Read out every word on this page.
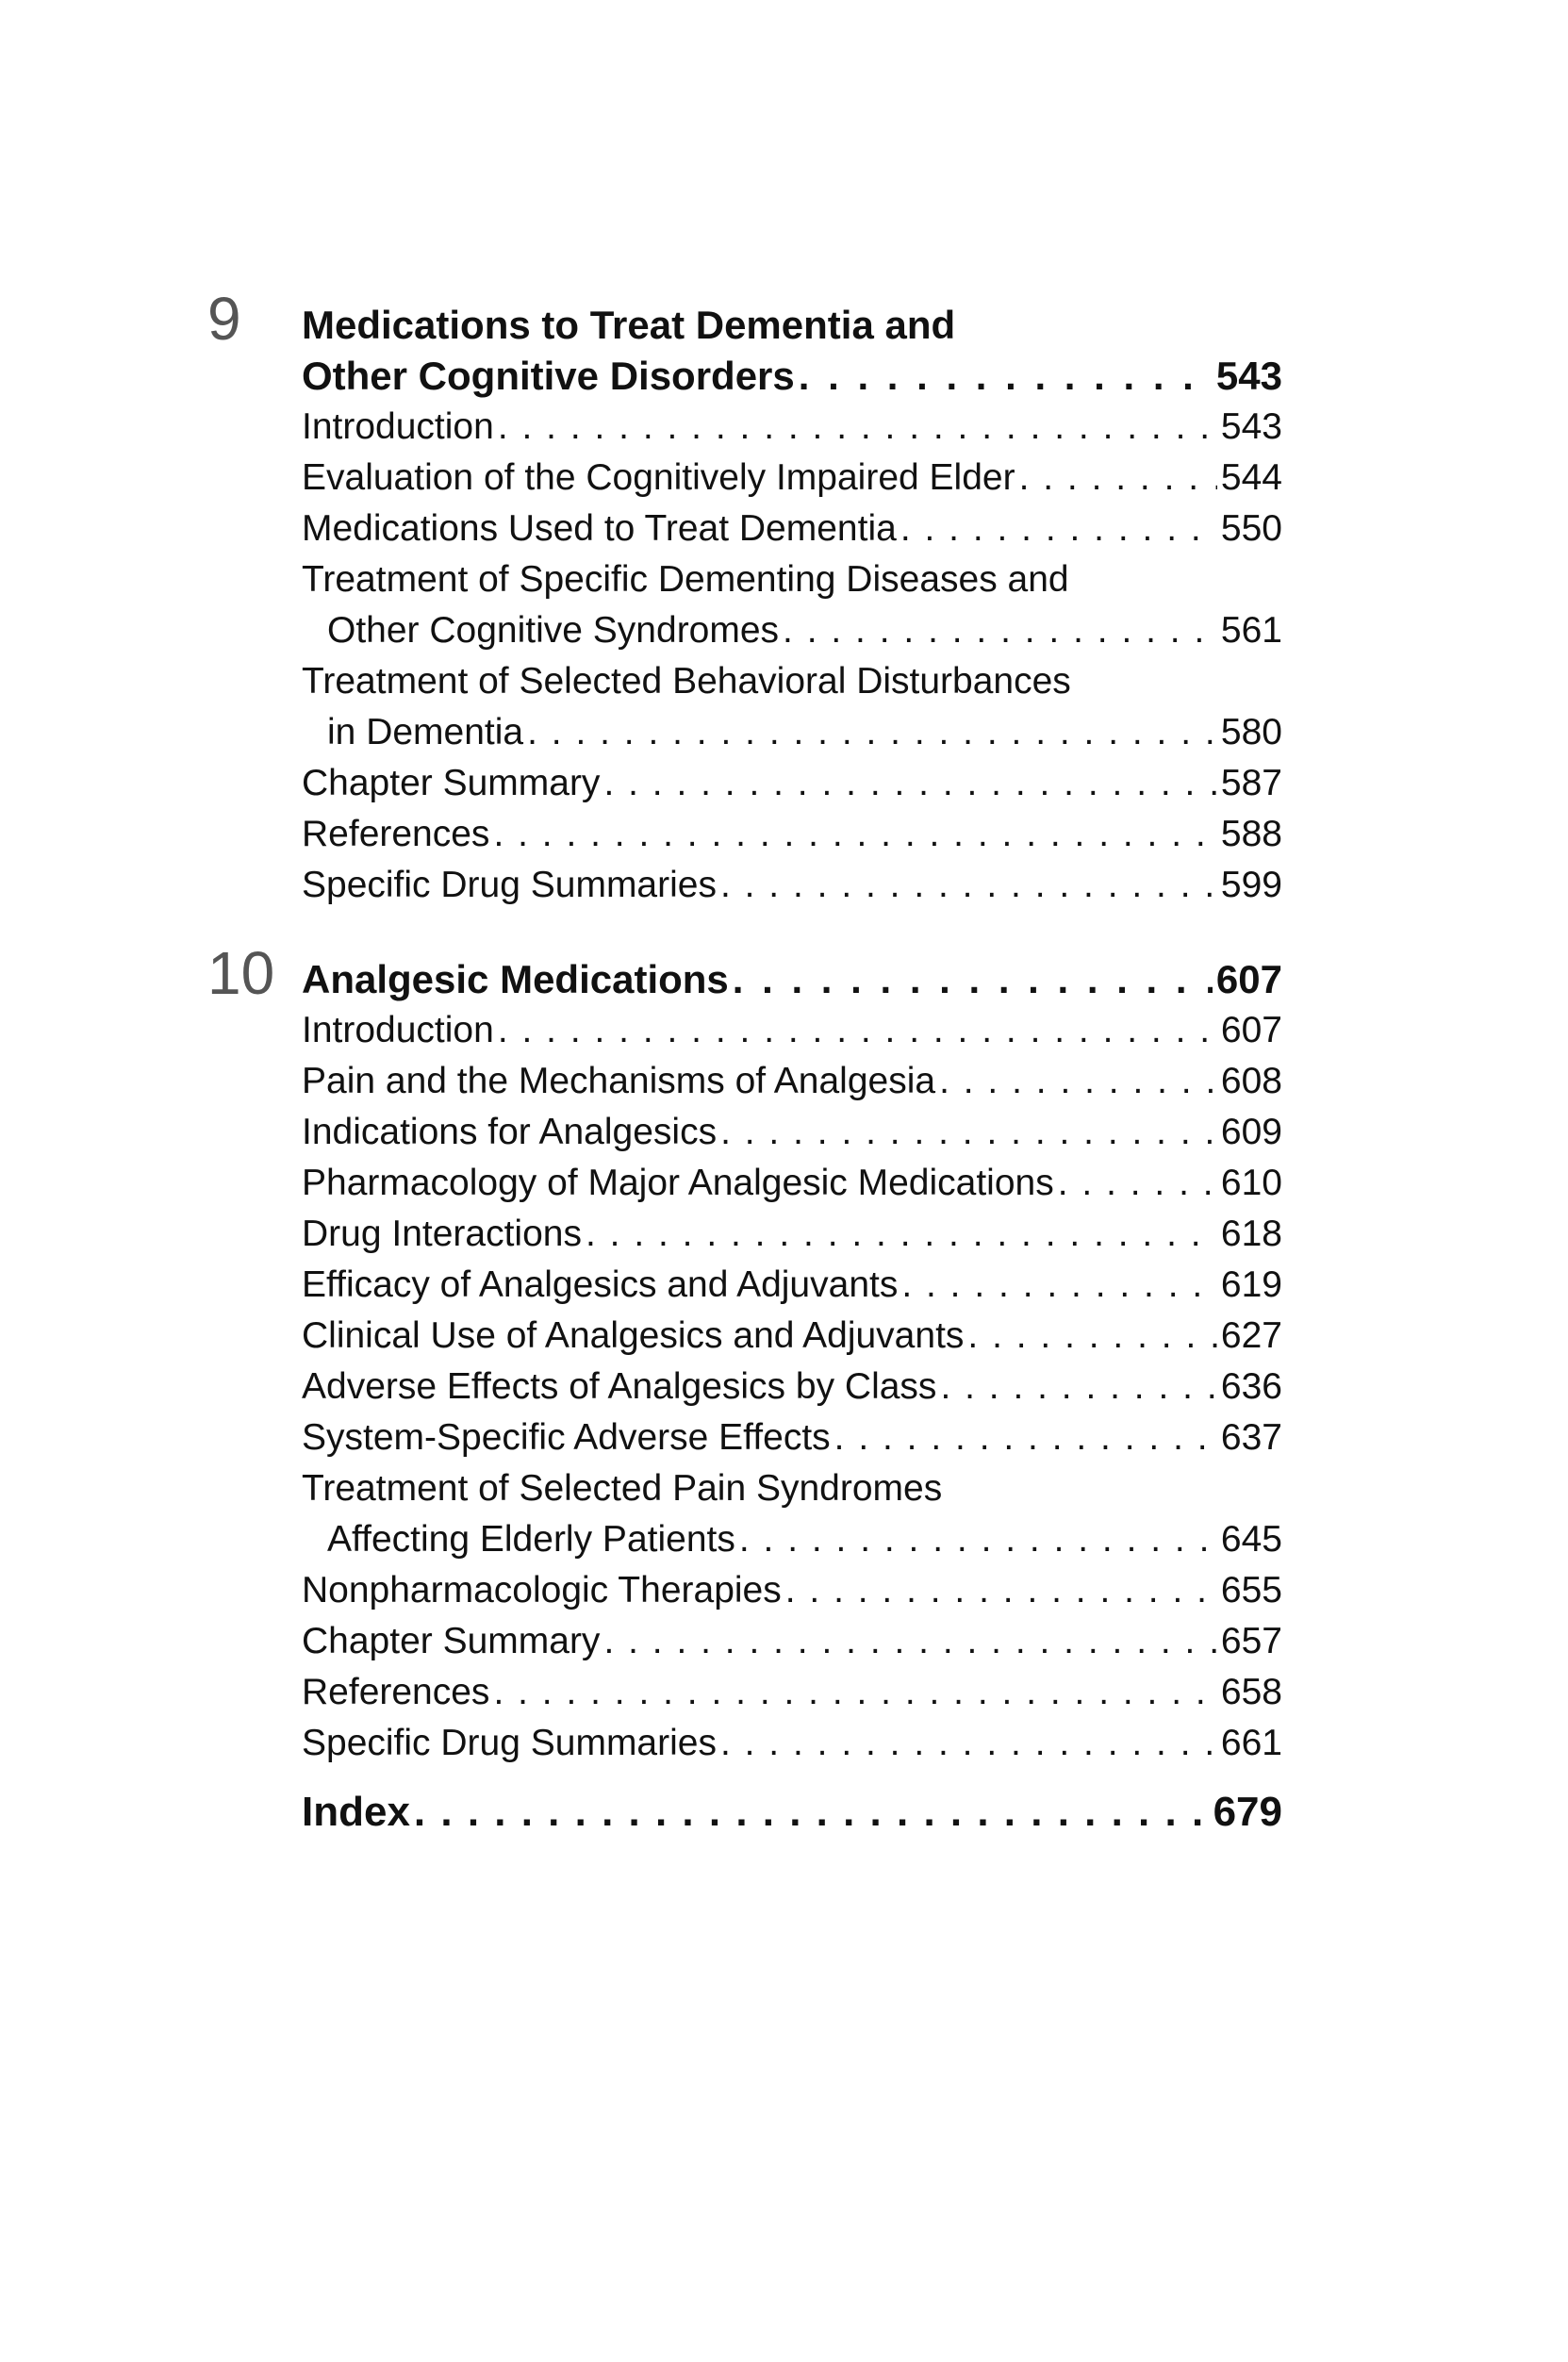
9 Medications to Treat Dementia and
Other Cognitive Disorders . . .	543
Introduction . . .	543
Evaluation of the Cognitively Impaired Elder . . .	544
Medications Used to Treat Dementia . . .	550
Treatment of Specific Dementing Diseases and
Other Cognitive Syndromes . . .	561
Treatment of Selected Behavioral Disturbances
in Dementia . . .	580
Chapter Summary . . .	587
References . . .	588
Specific Drug Summaries . . .	599
10 Analgesic Medications . . .	607
Introduction . . .	607
Pain and the Mechanisms of Analgesia . . .	608
Indications for Analgesics . . .	609
Pharmacology of Major Analgesic Medications . . .	610
Drug Interactions . . .	618
Efficacy of Analgesics and Adjuvants . . .	619
Clinical Use of Analgesics and Adjuvants . . .	627
Adverse Effects of Analgesics by Class . . .	636
System-Specific Adverse Effects . . .	637
Treatment of Selected Pain Syndromes
Affecting Elderly Patients . . .	645
Nonpharmacologic Therapies . . .	655
Chapter Summary . . .	657
References . . .	658
Specific Drug Summaries . . .	661
Index . . .	679
